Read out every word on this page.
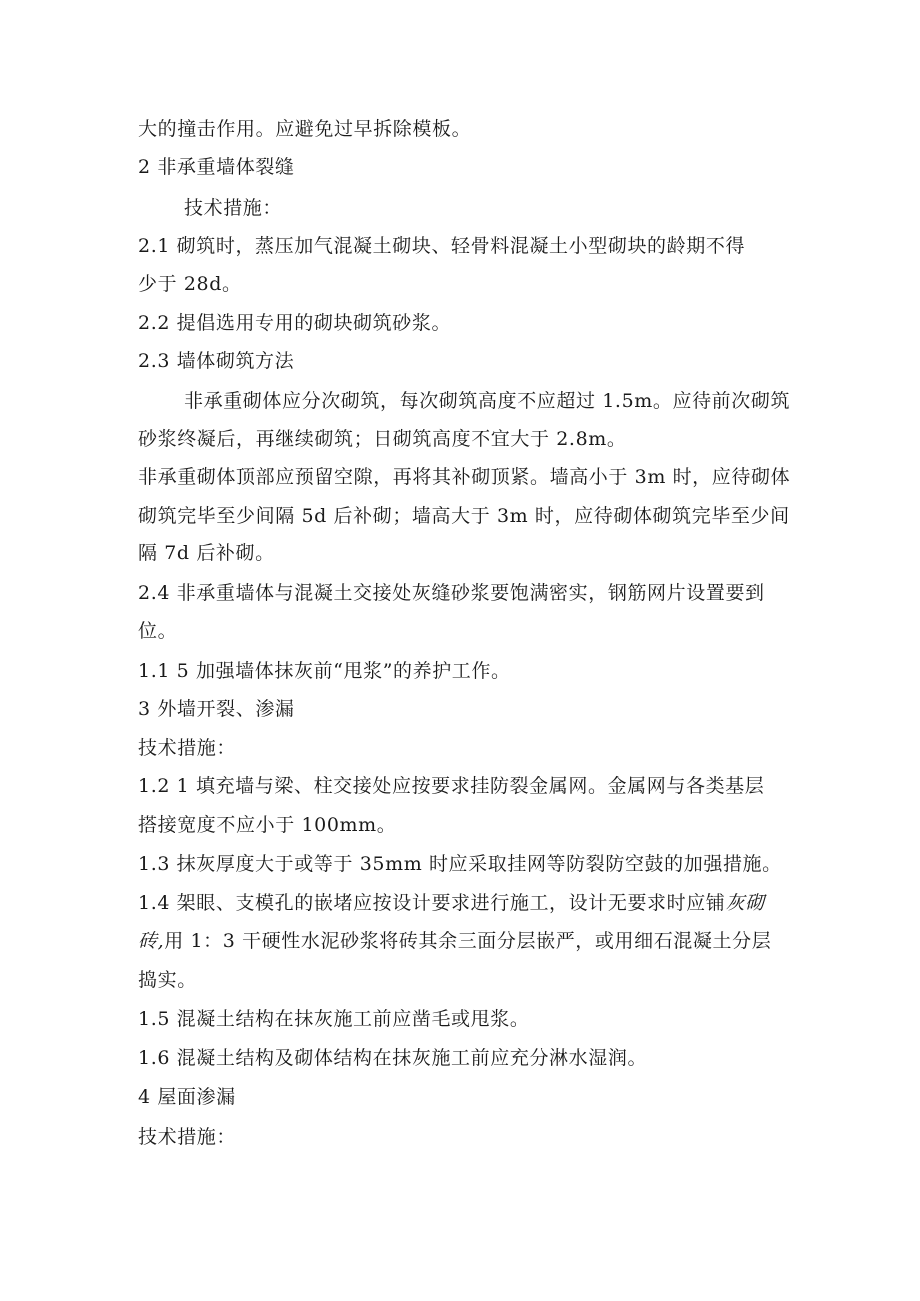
大的撞击作用。应避免过早拆除模板。
2 非承重墙体裂缝
技术措施：
2.1 砌筑时，蒸压加气混凝土砌块、轻骨料混凝土小型砌块的龄期不得
少于 28d。
2.2 提倡选用专用的砌块砌筑砂浆。
2.3 墙体砌筑方法
非承重砌体应分次砌筑，每次砌筑高度不应超过 1.5m。应待前次砌筑
砂浆终凝后，再继续砌筑；日砌筑高度不宜大于 2.8m。
非承重砌体顶部应预留空隙，再将其补砌顶紧。墙高小于 3m 时，应待砌体
砌筑完毕至少间隔 5d 后补砌；墙高大于 3m 时，应待砌体砌筑完毕至少间
隔 7d 后补砌。
2.4 非承重墙体与混凝土交接处灰缝砂浆要饱满密实，钢筋网片设置要到
位。
1.1 5 加强墙体抹灰前“甩浆”的养护工作。
3 外墙开裂、渗漏
技术措施：
1.2 1 填充墙与梁、柱交接处应按要求挂防裂金属网。金属网与各类基层
搭接宽度不应小于 100mm。
1.3 抹灰厚度大于或等于 35mm 时应采取挂网等防裂防空鼓的加强措施。
1.4 架眼、支模孔的嵌堵应按设计要求进行施工，设计无要求时应铺灰砌
砖,用 1：3 干硬性水泥砂浆将砖其余三面分层嵌严，或用细石混凝土分层
捣实。
1.5 混凝土结构在抹灰施工前应凿毛或甩浆。
1.6 混凝土结构及砌体结构在抹灰施工前应充分淋水湿润。
4 屋面渗漏
技术措施：
